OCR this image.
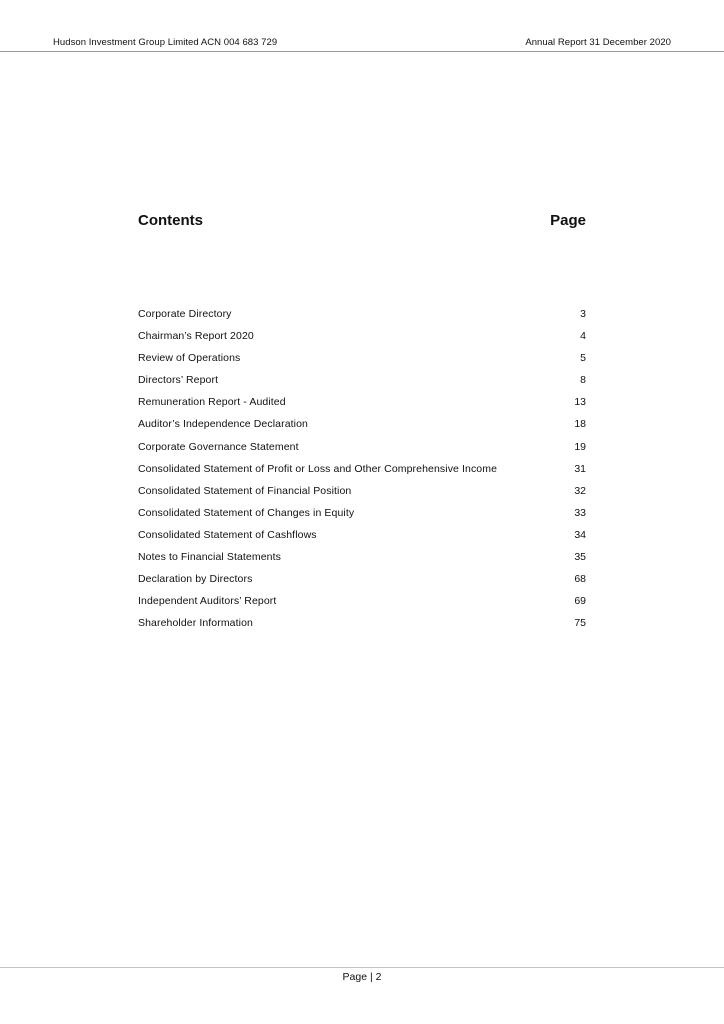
Hudson Investment Group Limited ACN 004 683 729	Annual Report 31 December 2020
Contents	Page
Corporate Directory	3
Chairman’s Report 2020	4
Review of Operations	5
Directors’ Report	8
Remuneration Report - Audited	13
Auditor’s Independence Declaration	18
Corporate Governance Statement	19
Consolidated Statement of Profit or Loss and Other Comprehensive Income	31
Consolidated Statement of Financial Position	32
Consolidated Statement of Changes in Equity	33
Consolidated Statement of Cashflows	34
Notes to Financial Statements	35
Declaration by Directors	68
Independent Auditors’ Report	69
Shareholder Information	75
Page | 2
